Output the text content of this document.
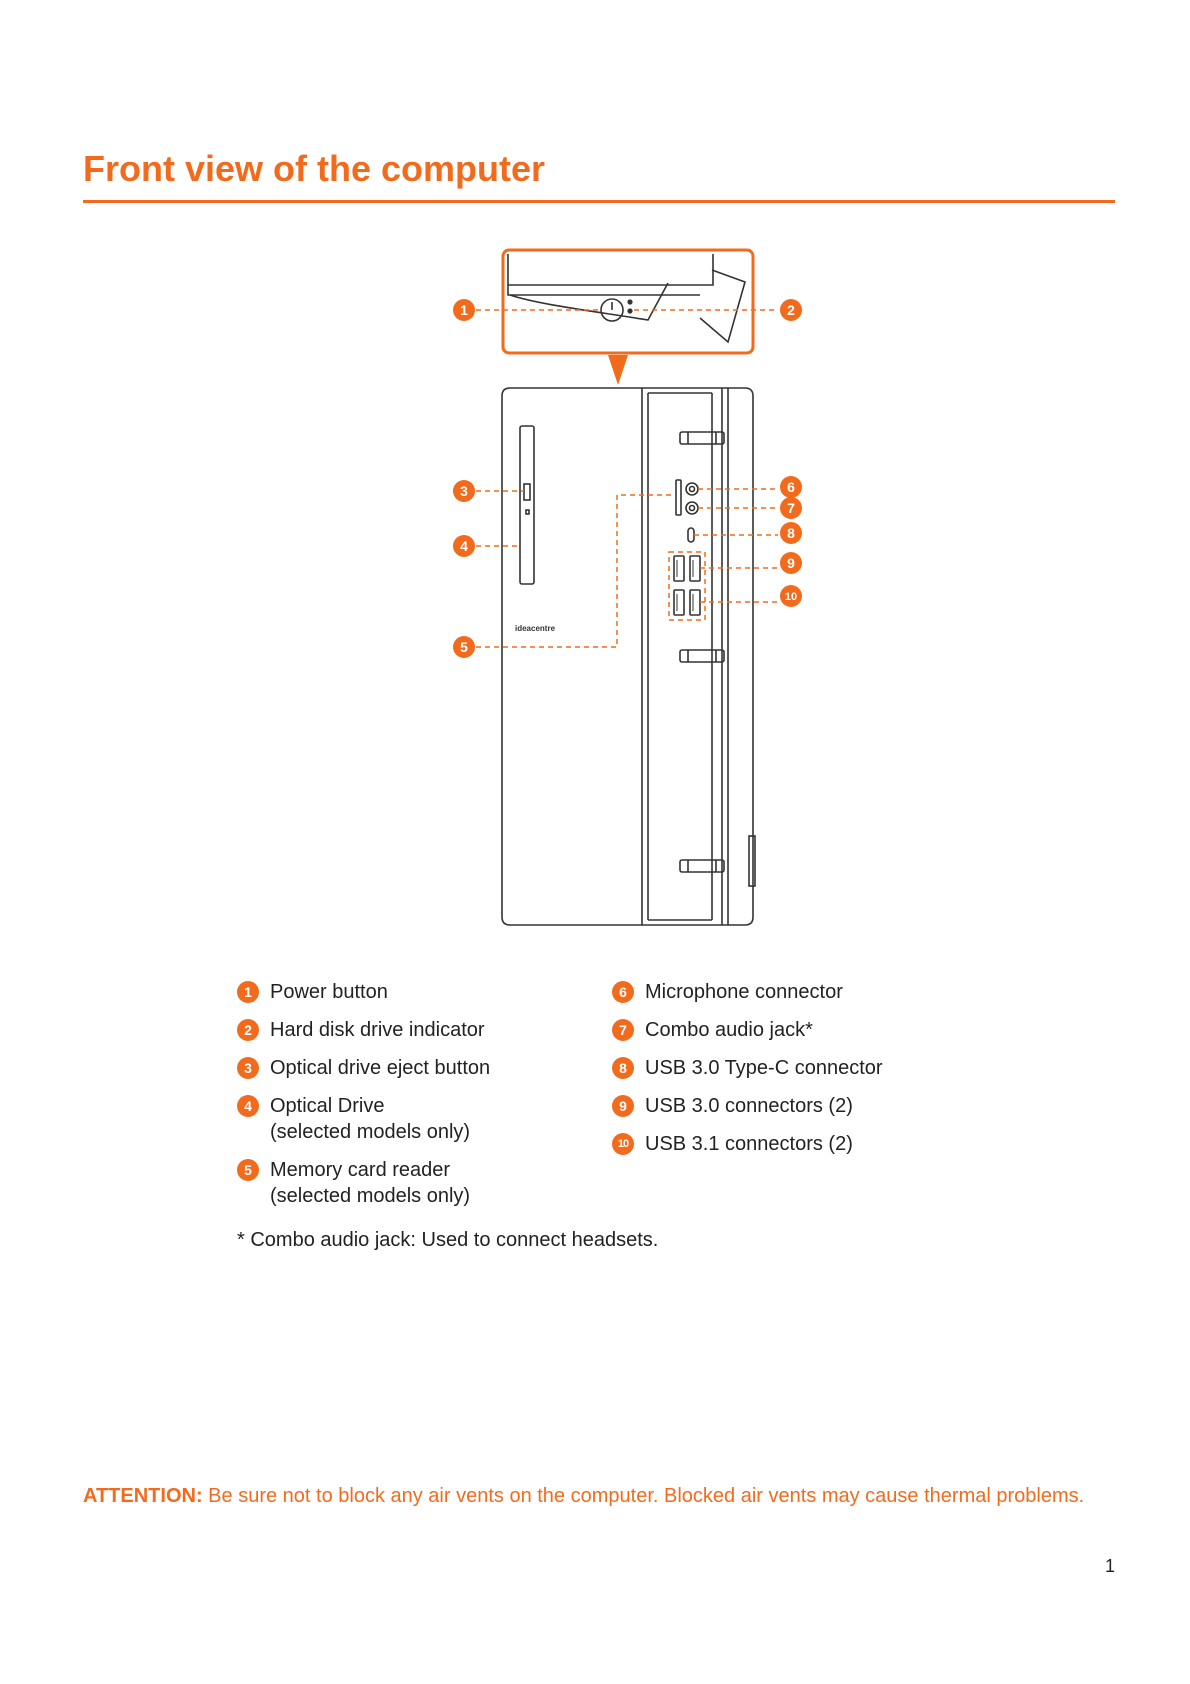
Front view of the computer
ideacentre
1	2
3
4
5
6
7
8
9
10
1 Power button
2 Hard disk drive indicator
3 Optical drive eject button
4 Optical Drive
(selected models only)
5 Memory card reader
(selected models only)
6 Microphone connector
7 Combo audio jack*
8 USB 3.0 Type-C connector
9 USB 3.0 connectors (2)
10 USB 3.1 connectors (2)
* Combo audio jack: Used to connect headsets.
ATTENTION: Be sure not to block any air vents on the computer. Blocked air vents may cause thermal problems.
1
